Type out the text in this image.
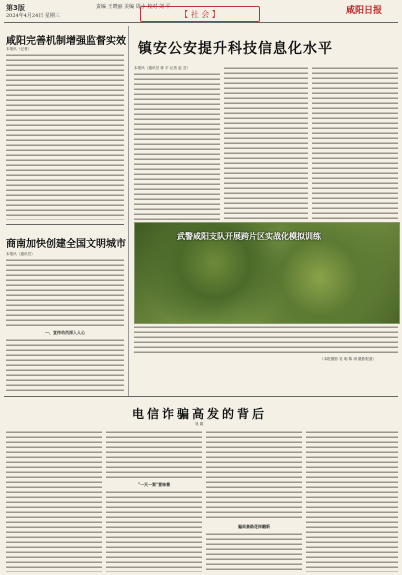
第3版
2024年4月24日 星期三
责编 王晓丽 美编 周小 校对 刘 平
【 社 会 】	咸阳日报
咸阳完善机制增强监督实效
本报讯（记者）
商南加快创建全国文明城市
本报讯（通讯员）
一、宣传动员深入人心
镇安公安提升科技信息化水平
本报讯（通讯员 蒋 平 记者 赵 芸）
武警咸阳支队开展跨片区实战化模拟训练
（本报摄影 吴 明 陈 涛 摄影报道）
电信诈骗高发的背后
易 娟
"一天一案"意味着
骗局套路花样翻新
